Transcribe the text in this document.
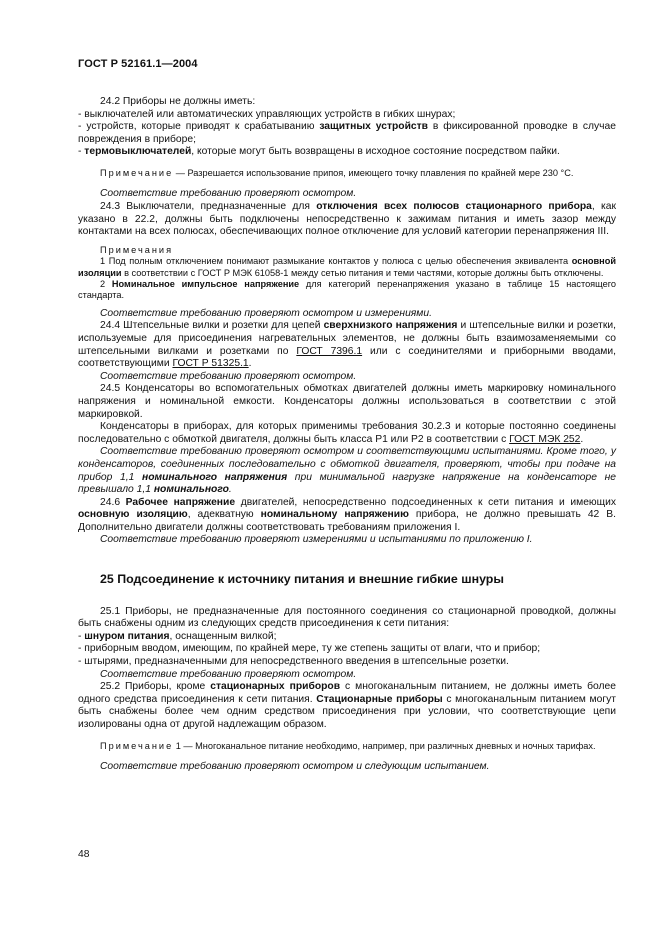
ГОСТ Р 52161.1—2004

24.2 Приборы не должны иметь:

- выключателей или автоматических управляющих устройств в гибких шнурах;

- устройств, которые приводят к срабатыванию защитных устройств в фиксированной проводке в случае повреждения в приборе;

- термовыключателей, которые могут быть возвращены в исходное состояние посредством пайки.

Примечание — Разрешается использование припоя, имеющего точку плавления по крайней мере 230 °С.

Соответствие требованию проверяют осмотром.

24.3 Выключатели, предназначенные для отключения всех полюсов стационарного прибора, как указано в 22.2, должны быть подключены непосредственно к зажимам питания и иметь зазор между контактами на всех полюсах, обеспечивающих полное отключение для условий категории перенапряжения III.

Примечания

1 Под полным отключением понимают размыкание контактов у полюса с целью обеспечения эквивалента основной изоляции в соответствии с ГОСТ Р МЭК 61058-1 между сетью питания и теми частями, которые должны быть отключены.

2 Номинальное импульсное напряжение для категорий перенапряжения указано в таблице 15 настоящего стандарта.

Соответствие требованию проверяют осмотром и измерениями.

24.4 Штепсельные вилки и розетки для цепей сверхнизкого напряжения и штепсельные вилки и розетки, используемые для присоединения нагревательных элементов, не должны быть взаимозаменяемыми со штепсельными вилками и розетками по ГОСТ 7396.1 или с соединителями и приборными вводами, соответствующими ГОСТ Р 51325.1.

Соответствие требованию проверяют осмотром.

24.5 Конденсаторы во вспомогательных обмотках двигателей должны иметь маркировку номинального напряжения и номинальной емкости. Конденсаторы должны использоваться в соответствии с этой маркировкой.

Конденсаторы в приборах, для которых применимы требования 30.2.3 и которые постоянно соединены последовательно с обмоткой двигателя, должны быть класса Р1 или Р2 в соответствии с ГОСТ МЭК 252.

Соответствие требованию проверяют осмотром и соответствующими испытаниями. Кроме того, у конденсаторов, соединенных последовательно с обмоткой двигателя, проверяют, чтобы при подаче на прибор 1,1 номинального напряжения при минимальной нагрузке напряжение на конденсаторе не превышало 1,1 номинального.

24.6 Рабочее напряжение двигателей, непосредственно подсоединенных к сети питания и имеющих основную изоляцию, адекватную номинальному напряжению прибора, не должно превышать 42 В. Дополнительно двигатели должны соответствовать требованиям приложения I.

Соответствие требованию проверяют измерениями и испытаниями по приложению I.

25 Подсоединение к источнику питания и внешние гибкие шнуры

25.1 Приборы, не предназначенные для постоянного соединения со стационарной проводкой, должны быть снабжены одним из следующих средств присоединения к сети питания:

- шнуром питания, оснащенным вилкой;

- приборным вводом, имеющим, по крайней мере, ту же степень защиты от влаги, что и прибор;

- штырями, предназначенными для непосредственного введения в штепсельные розетки.

Соответствие требованию проверяют осмотром.

25.2 Приборы, кроме стационарных приборов с многоканальным питанием, не должны иметь более одного средства присоединения к сети питания. Стационарные приборы с многоканальным питанием могут быть снабжены более чем одним средством присоединения при условии, что соответствующие цепи изолированы одна от другой надлежащим образом.

Примечание 1 — Многоканальное питание необходимо, например, при различных дневных и ночных тарифах.

Соответствие требованию проверяют осмотром и следующим испытанием.

48
